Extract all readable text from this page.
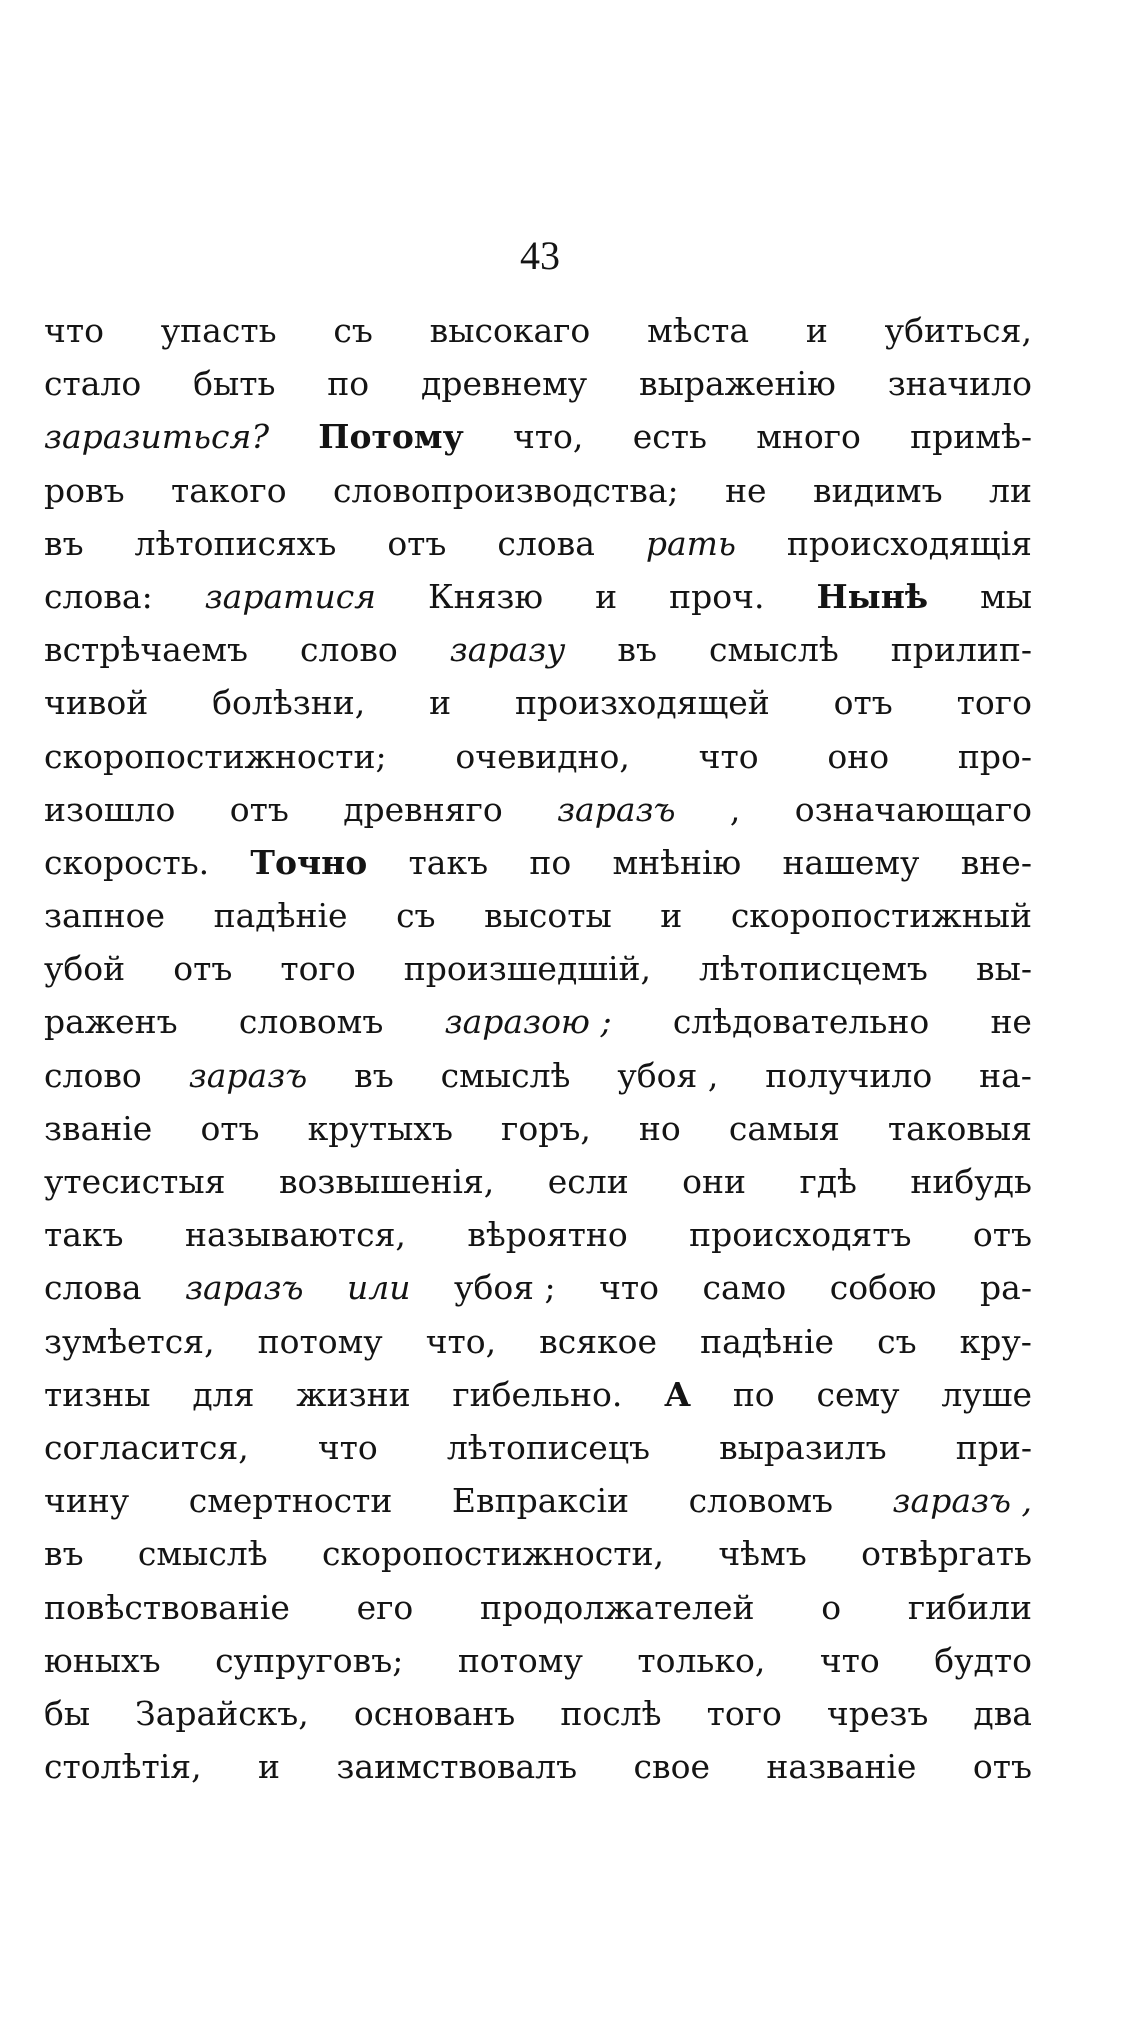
43
что упасть съ высокаго мѣста и убиться,
стало быть по древнему выраженію значило
заразиться? Потому что, есть много примѣ-
ровъ такого словопроизводства; не видимъ ли
въ лѣтописяхъ отъ слова рать происходящія
слова: заратися Князю и проч. Нынѣ мы
встрѣчаемъ слово заразу въ смыслѣ прилип-
чивой болѣзни, и произходящей отъ того
скоропостижности; очевидно, что оно про-
изошло отъ древняго заразъ , означающаго
скорость. Точно такъ по мнѣнію нашему вне-
запное падѣніе съ высоты и скоропостижный
убой отъ того произшедшій, лѣтописцемъ вы-
раженъ словомъ заразою ; слѣдовательно не
слово заразъ въ смыслѣ убоя , получило на-
званіе отъ крутыхъ горъ, но самыя таковыя
утесистыя возвышенія, если они гдѣ нибудь
такъ называются, вѣроятно происходятъ отъ
слова заразъ или убоя ; что само собою ра-
зумѣется, потому что, всякое падѣніе съ кру-
тизны для жизни гибельно. А по сему луше
согласится, что лѣтописецъ выразилъ при-
чину смертности Евпраксіи словомъ заразъ ,
въ смыслѣ скоропостижности, чѣмъ отвѣргать
повѣствованіе его продолжателей о гибили
юныхъ супруговъ; потому только, что будто
бы Зарайскъ, основанъ послѣ того чрезъ два
столѣтія, и заимствовалъ свое названіе отъ
